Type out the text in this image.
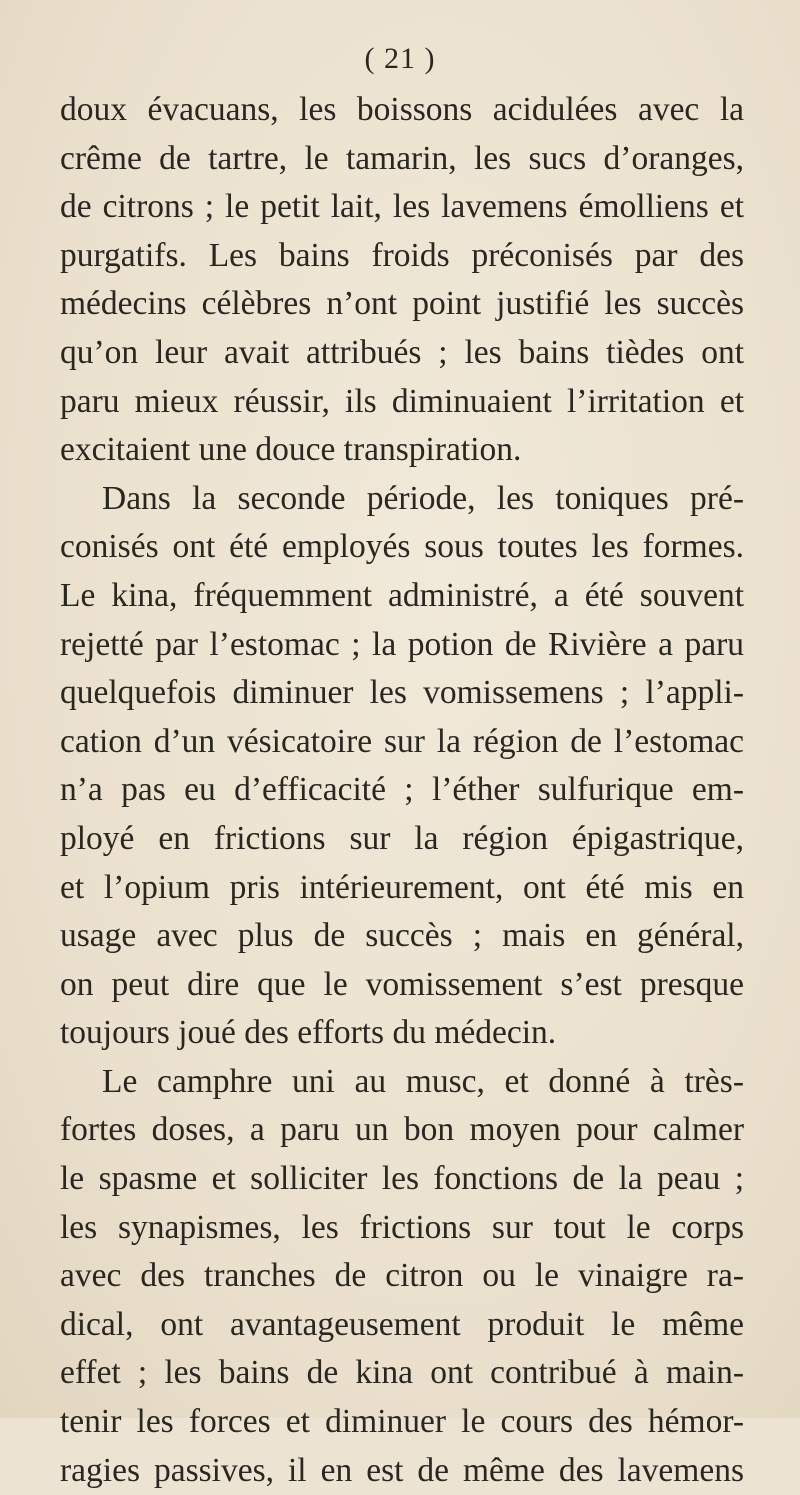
( 21 )
doux évacuans, les boissons acidulées avec la
crême de tartre, le tamarin, les sucs d’oranges,
de citrons ; le petit lait, les lavemens émolliens et
purgatifs. Les bains froids préconisés par des
médecins célèbres n’ont point justifié les succès
qu’on leur avait attribués ; les bains tièdes ont
paru mieux réussir, ils diminuaient l’irritation et
excitaient une douce transpiration.
Dans la seconde période, les toniques pré-
conisés ont été employés sous toutes les formes.
Le kina, fréquemment administré, a été souvent
rejetté par l’estomac ; la potion de Rivière a paru
quelquefois diminuer les vomissemens ; l’appli-
cation d’un vésicatoire sur la région de l’estomac
n’a pas eu d’efficacité ; l’éther sulfurique em-
ployé en frictions sur la région épigastrique,
et l’opium pris intérieurement, ont été mis en
usage avec plus de succès ; mais en général,
on peut dire que le vomissement s’est presque
toujours joué des efforts du médecin.
Le camphre uni au musc, et donné à très-
fortes doses, a paru un bon moyen pour calmer
le spasme et solliciter les fonctions de la peau ;
les synapismes, les frictions sur tout le corps
avec des tranches de citron ou le vinaigre ra-
dical, ont avantageusement produit le même
effet ; les bains de kina ont contribué à main-
tenir les forces et diminuer le cours des hémor-
ragies passives, il en est de même des lavemens
